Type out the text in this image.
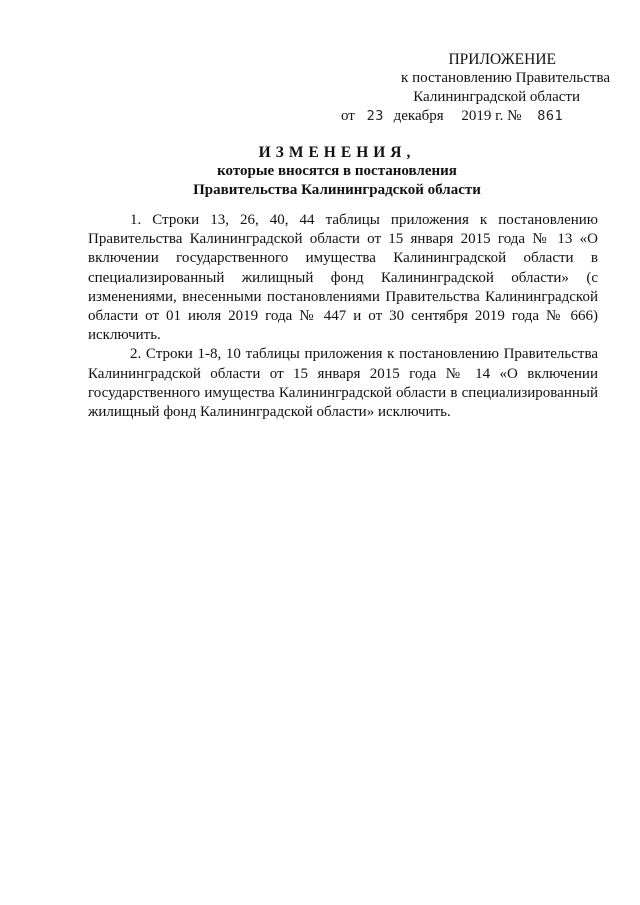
ПРИЛОЖЕНИЕ
к постановлению Правительства
Калининградской области
от 23 декабря 2019 г. № 861
ИЗМЕНЕНИЯ,
которые вносятся в постановления
Правительства Калининградской области

1. Строки 13, 26, 40, 44 таблицы приложения к постановлению Правительства Калининградской области от 15 января 2015 года № 13 «О включении государственного имущества Калининградской области в специализированный жилищный фонд Калининградской области» (с изменениями, внесенными постановлениями Правительства Калининградской области от 01 июля 2019 года № 447 и от 30 сентября 2019 года № 666) исключить.

2. Строки 1-8, 10 таблицы приложения к постановлению Правительства Калининградской области от 15 января 2015 года № 14 «О включении государственного имущества Калининградской области в специализированный жилищный фонд Калининградской области» исключить.
